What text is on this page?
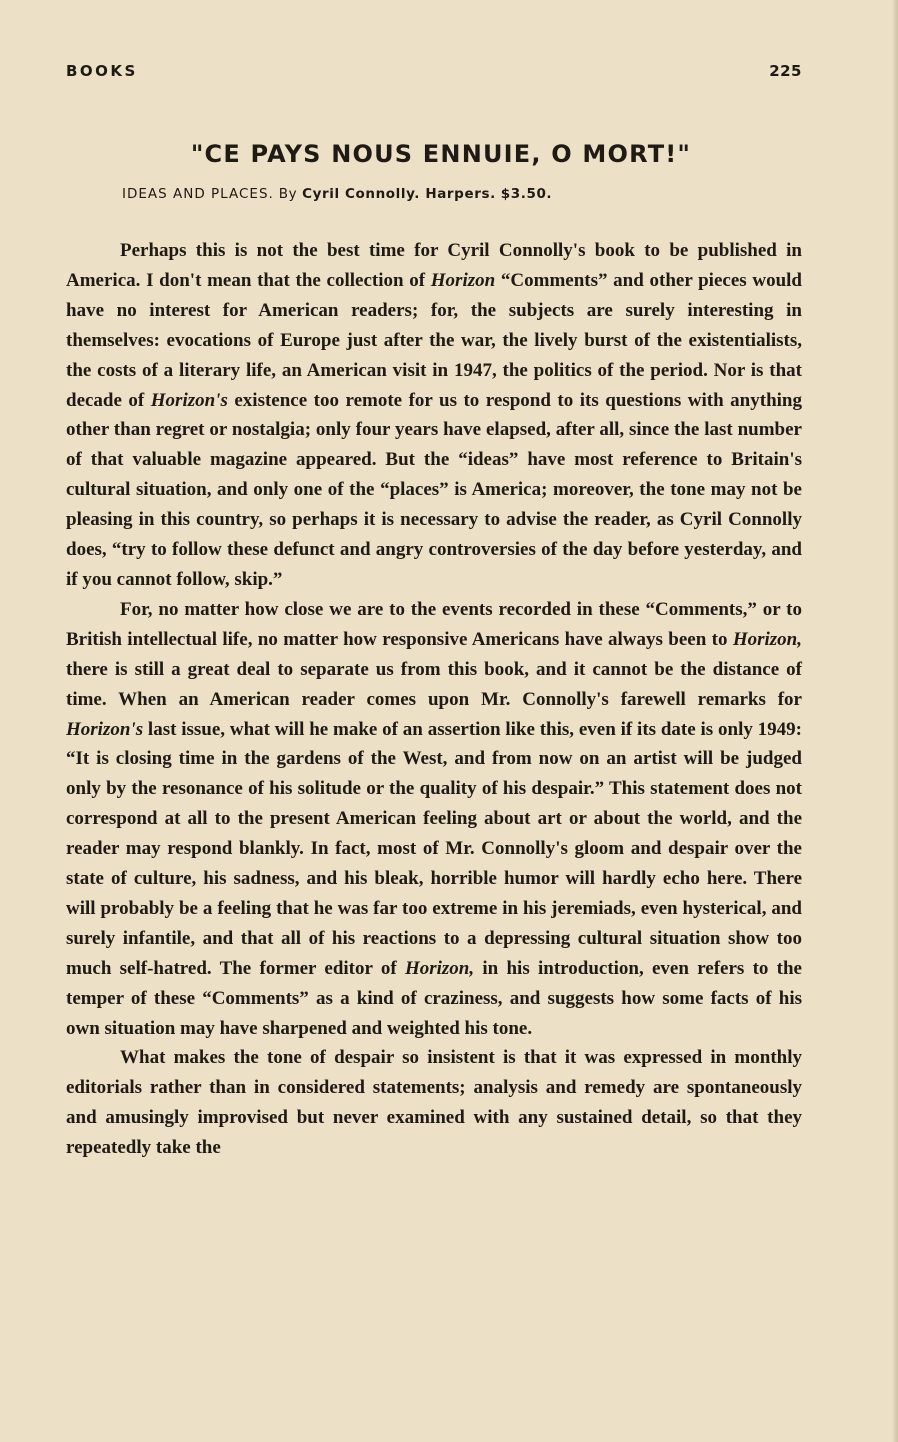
BOOKS	225
"CE PAYS NOUS ENNUIE, O MORT!"
IDEAS AND PLACES. By Cyril Connolly. Harpers. $3.50.

Perhaps this is not the best time for Cyril Connolly's book to be published in America. I don't mean that the collection of Horizon “Comments” and other pieces would have no interest for American readers; for, the subjects are surely interesting in themselves: evocations of Europe just after the war, the lively burst of the existentialists, the costs of a literary life, an American visit in 1947, the politics of the period. Nor is that decade of Horizon's existence too remote for us to respond to its questions with anything other than regret or nostalgia; only four years have elapsed, after all, since the last number of that valuable magazine appeared. But the “ideas” have most reference to Britain's cultural situation, and only one of the “places” is America; moreover, the tone may not be pleasing in this country, so perhaps it is necessary to advise the reader, as Cyril Connolly does, “try to follow these defunct and angry controversies of the day before yesterday, and if you cannot follow, skip.”

For, no matter how close we are to the events recorded in these “Comments,” or to British intellectual life, no matter how responsive Americans have always been to Horizon, there is still a great deal to separate us from this book, and it cannot be the distance of time. When an American reader comes upon Mr. Connolly's farewell remarks for Horizon's last issue, what will he make of an assertion like this, even if its date is only 1949: “It is closing time in the gardens of the West, and from now on an artist will be judged only by the resonance of his solitude or the quality of his despair.” This statement does not correspond at all to the present American feeling about art or about the world, and the reader may respond blankly. In fact, most of Mr. Connolly's gloom and despair over the state of culture, his sadness, and his bleak, horrible humor will hardly echo here. There will probably be a feeling that he was far too extreme in his jeremiads, even hysterical, and surely infantile, and that all of his reactions to a depressing cultural situation show too much self-hatred. The former editor of Horizon, in his introduction, even refers to the temper of these “Comments” as a kind of craziness, and suggests how some facts of his own situation may have sharpened and weighted his tone.

What makes the tone of despair so insistent is that it was expressed in monthly editorials rather than in considered statements; analysis and remedy are spontaneously and amusingly improvised but never examined with any sustained detail, so that they repeatedly take the
